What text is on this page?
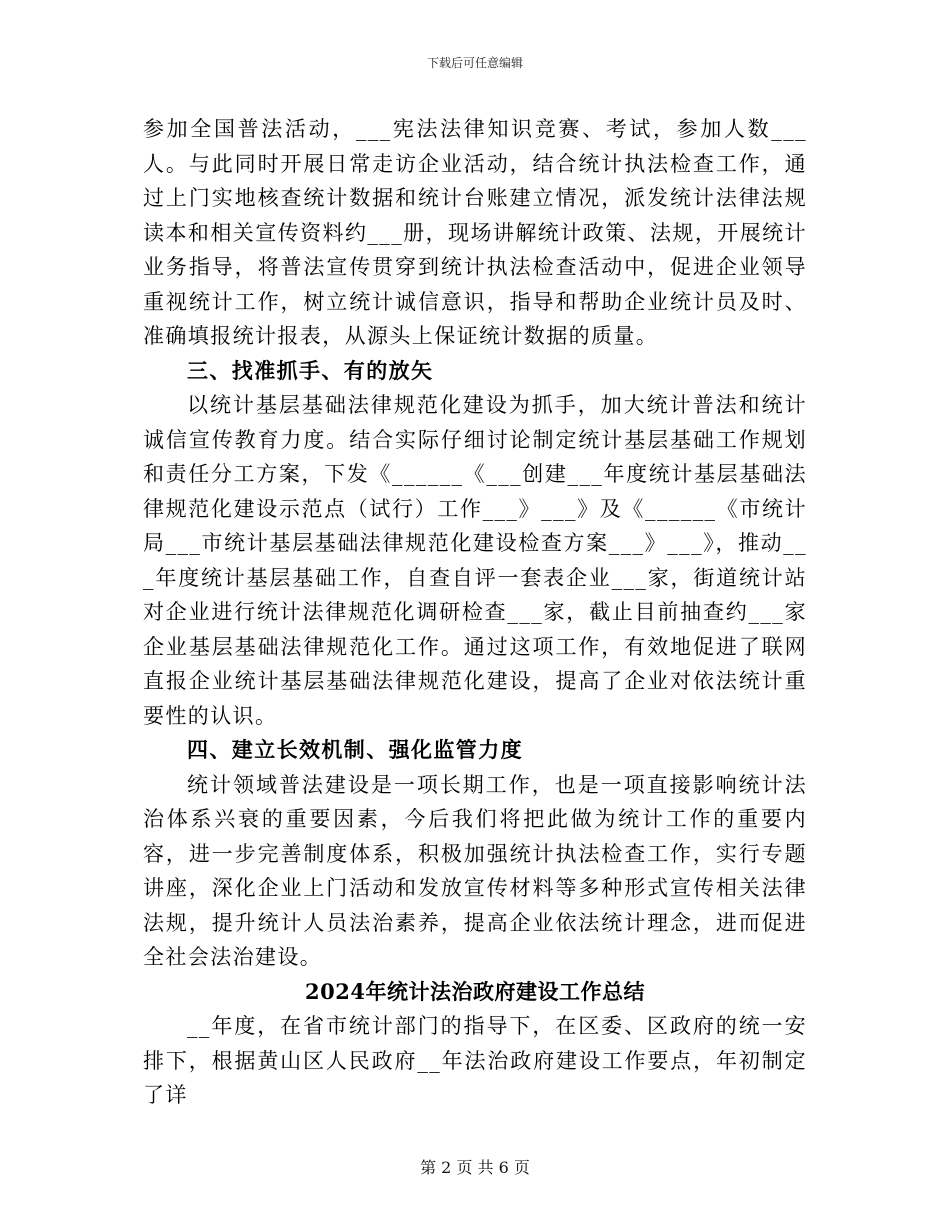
下载后可任意编辑

参加全国普法活动，___宪法法律知识竞赛、考试，参加人数___人。与此同时开展日常走访企业活动，结合统计执法检查工作，通过上门实地核查统计数据和统计台账建立情况，派发统计法律法规读本和相关宣传资料约___册，现场讲解统计政策、法规，开展统计业务指导，将普法宣传贯穿到统计执法检查活动中，促进企业领导重视统计工作，树立统计诚信意识，指导和帮助企业统计员及时、准确填报统计报表，从源头上保证统计数据的质量。

三、找准抓手、有的放矢

以统计基层基础法律规范化建设为抓手，加大统计普法和统计诚信宣传教育力度。结合实际仔细讨论制定统计基层基础工作规划和责任分工方案，下发《______《___创建___年度统计基层基础法律规范化建设示范点（试行）工作___》___》及《______《市统计局___市统计基层基础法律规范化建设检查方案___》___》，推动___年度统计基层基础工作，自查自评一套表企业___家，街道统计站对企业进行统计法律规范化调研检查___家，截止目前抽查约___家企业基层基础法律规范化工作。通过这项工作，有效地促进了联网直报企业统计基层基础法律规范化建设，提高了企业对依法统计重要性的认识。

四、建立长效机制、强化监管力度

统计领域普法建设是一项长期工作，也是一项直接影响统计法治体系兴衰的重要因素，今后我们将把此做为统计工作的重要内容，进一步完善制度体系，积极加强统计执法检查工作，实行专题讲座，深化企业上门活动和发放宣传材料等多种形式宣传相关法律法规，提升统计人员法治素养，提高企业依法统计理念，进而促进全社会法治建设。

2024年统计法治政府建设工作总结

__年度，在省市统计部门的指导下，在区委、区政府的统一安排下，根据黄山区人民政府__年法治政府建设工作要点，年初制定了详

第 2 页 共 6 页
